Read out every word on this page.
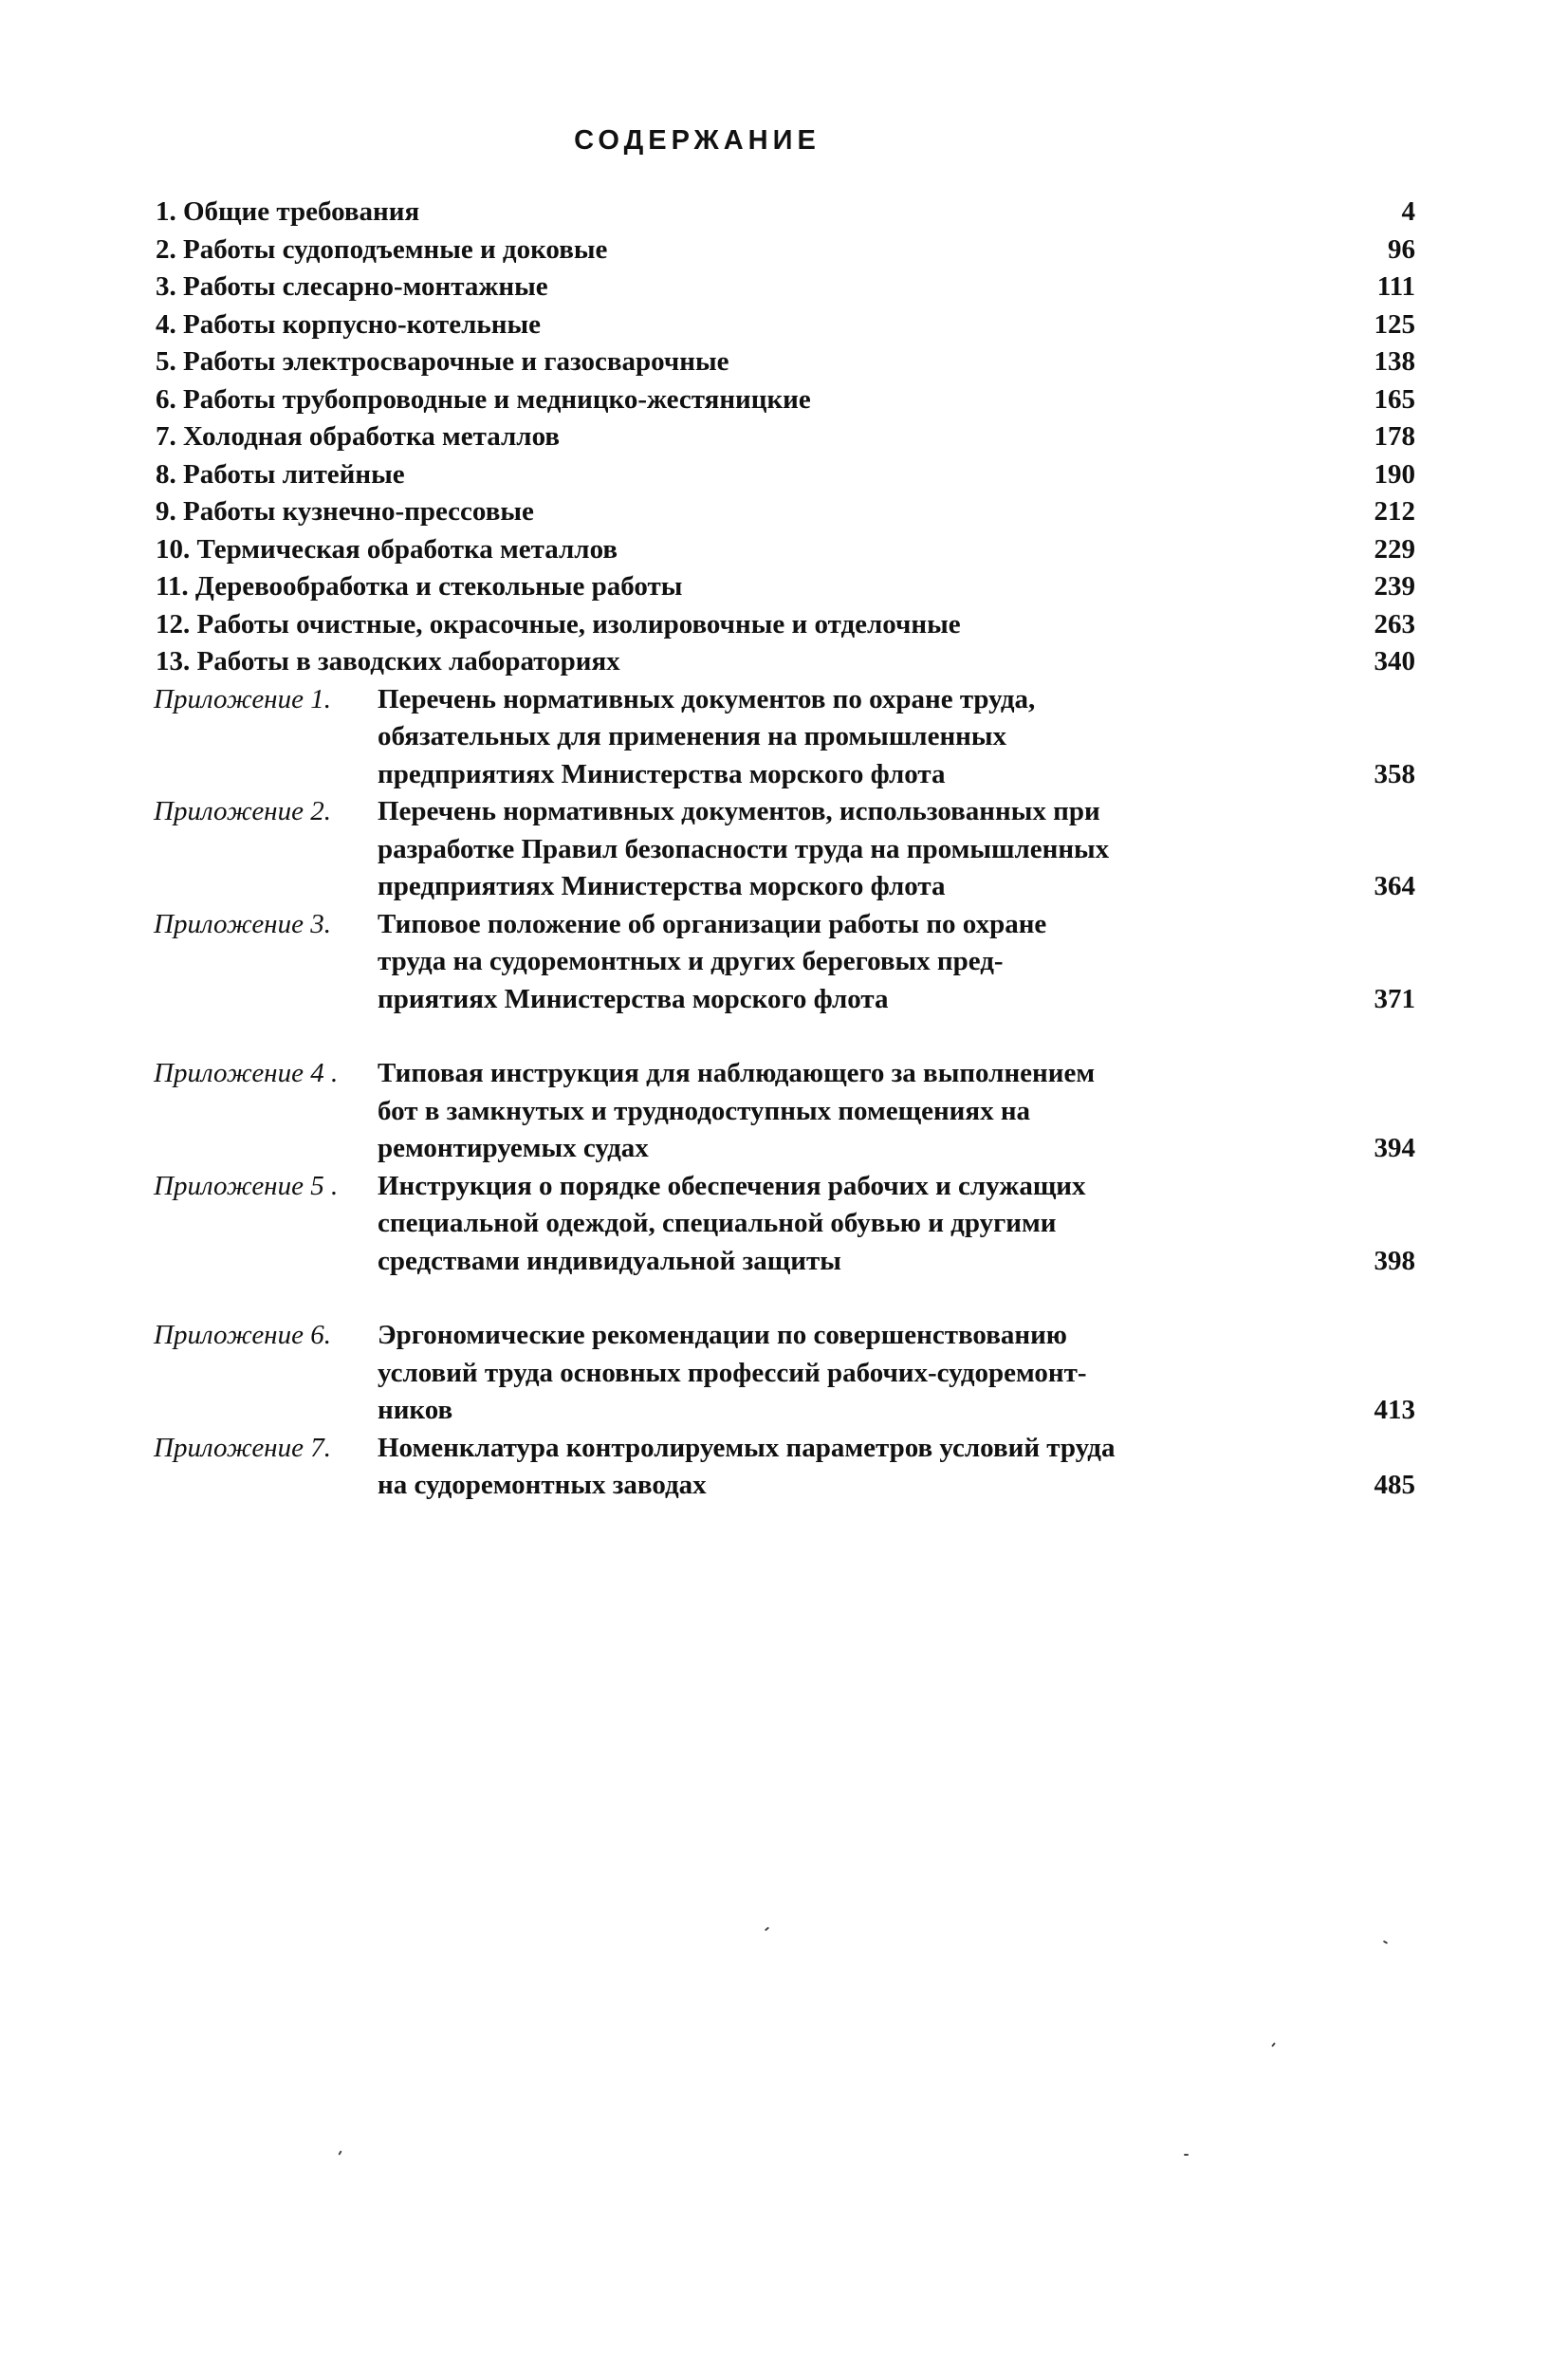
СОДЕРЖАНИЕ
1. Общие требования	4
2. Работы судоподъемные и доковые	96
3. Работы слесарно-монтажные	111
4. Работы корпусно-котельные	125
5. Работы электросварочные и газосварочные	138
6. Работы трубопроводные и медницко-жестяницкие	165
7. Холодная обработка металлов	178
8. Работы литейные	190
9. Работы кузнечно-прессовые	212
10. Термическая обработка металлов	229
11. Деревообработка и стекольные работы	239
12. Работы очистные, окрасочные, изолировочные и отделочные	263
13. Работы в заводских лабораториях	340
Приложение 1.	Перечень нормативных документов по охране труда,
обязательных для применения на промышленных
предприятиях Министерства морского флота	358
Приложение 2.	Перечень нормативных документов, использованных при
разработке Правил безопасности труда на промышленных
предприятиях Министерства морского флота	364
Приложение 3.	Типовое положение об организации работы по охране
труда на судоремонтных и других береговых пред-
приятиях Министерства морского флота	371
Приложение 4 .	Типовая инструкция для наблюдающего за выполнением
бот в замкнутых и труднодоступных помещениях на
ремонтируемых судах	394
Приложение 5 .	Инструкция о порядке обеспечения рабочих и служащих
специальной одеждой, специальной обувью и другими
средствами индивидуальной защиты	398
Приложение 6.	Эргономические рекомендации по совершенствованию
условий труда основных профессий рабочих-судоремонт-
ников	413
Приложение 7.	Номенклатура контролируемых параметров условий труда
на судоремонтных заводах	485
